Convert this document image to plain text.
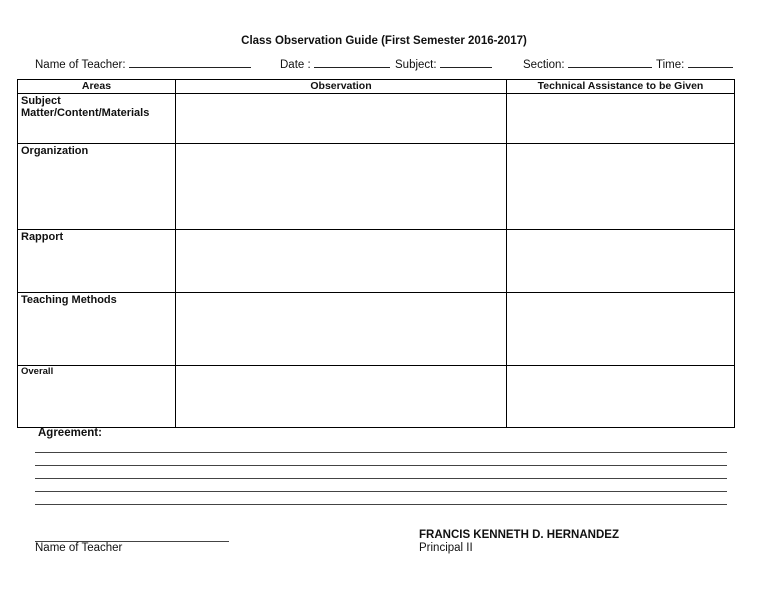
Class Observation Guide (First Semester 2016-2017)
Name of Teacher:	Date :	Subject:	Section:	Time:
Areas	Observation	Technical Assistance to be Given
Subject Matter/Content/Materials		
Organization		
Rapport		
Teaching Methods		
Overall		
Agreement:
Name of Teacher
FRANCIS KENNETH D. HERNANDEZ
Principal II
